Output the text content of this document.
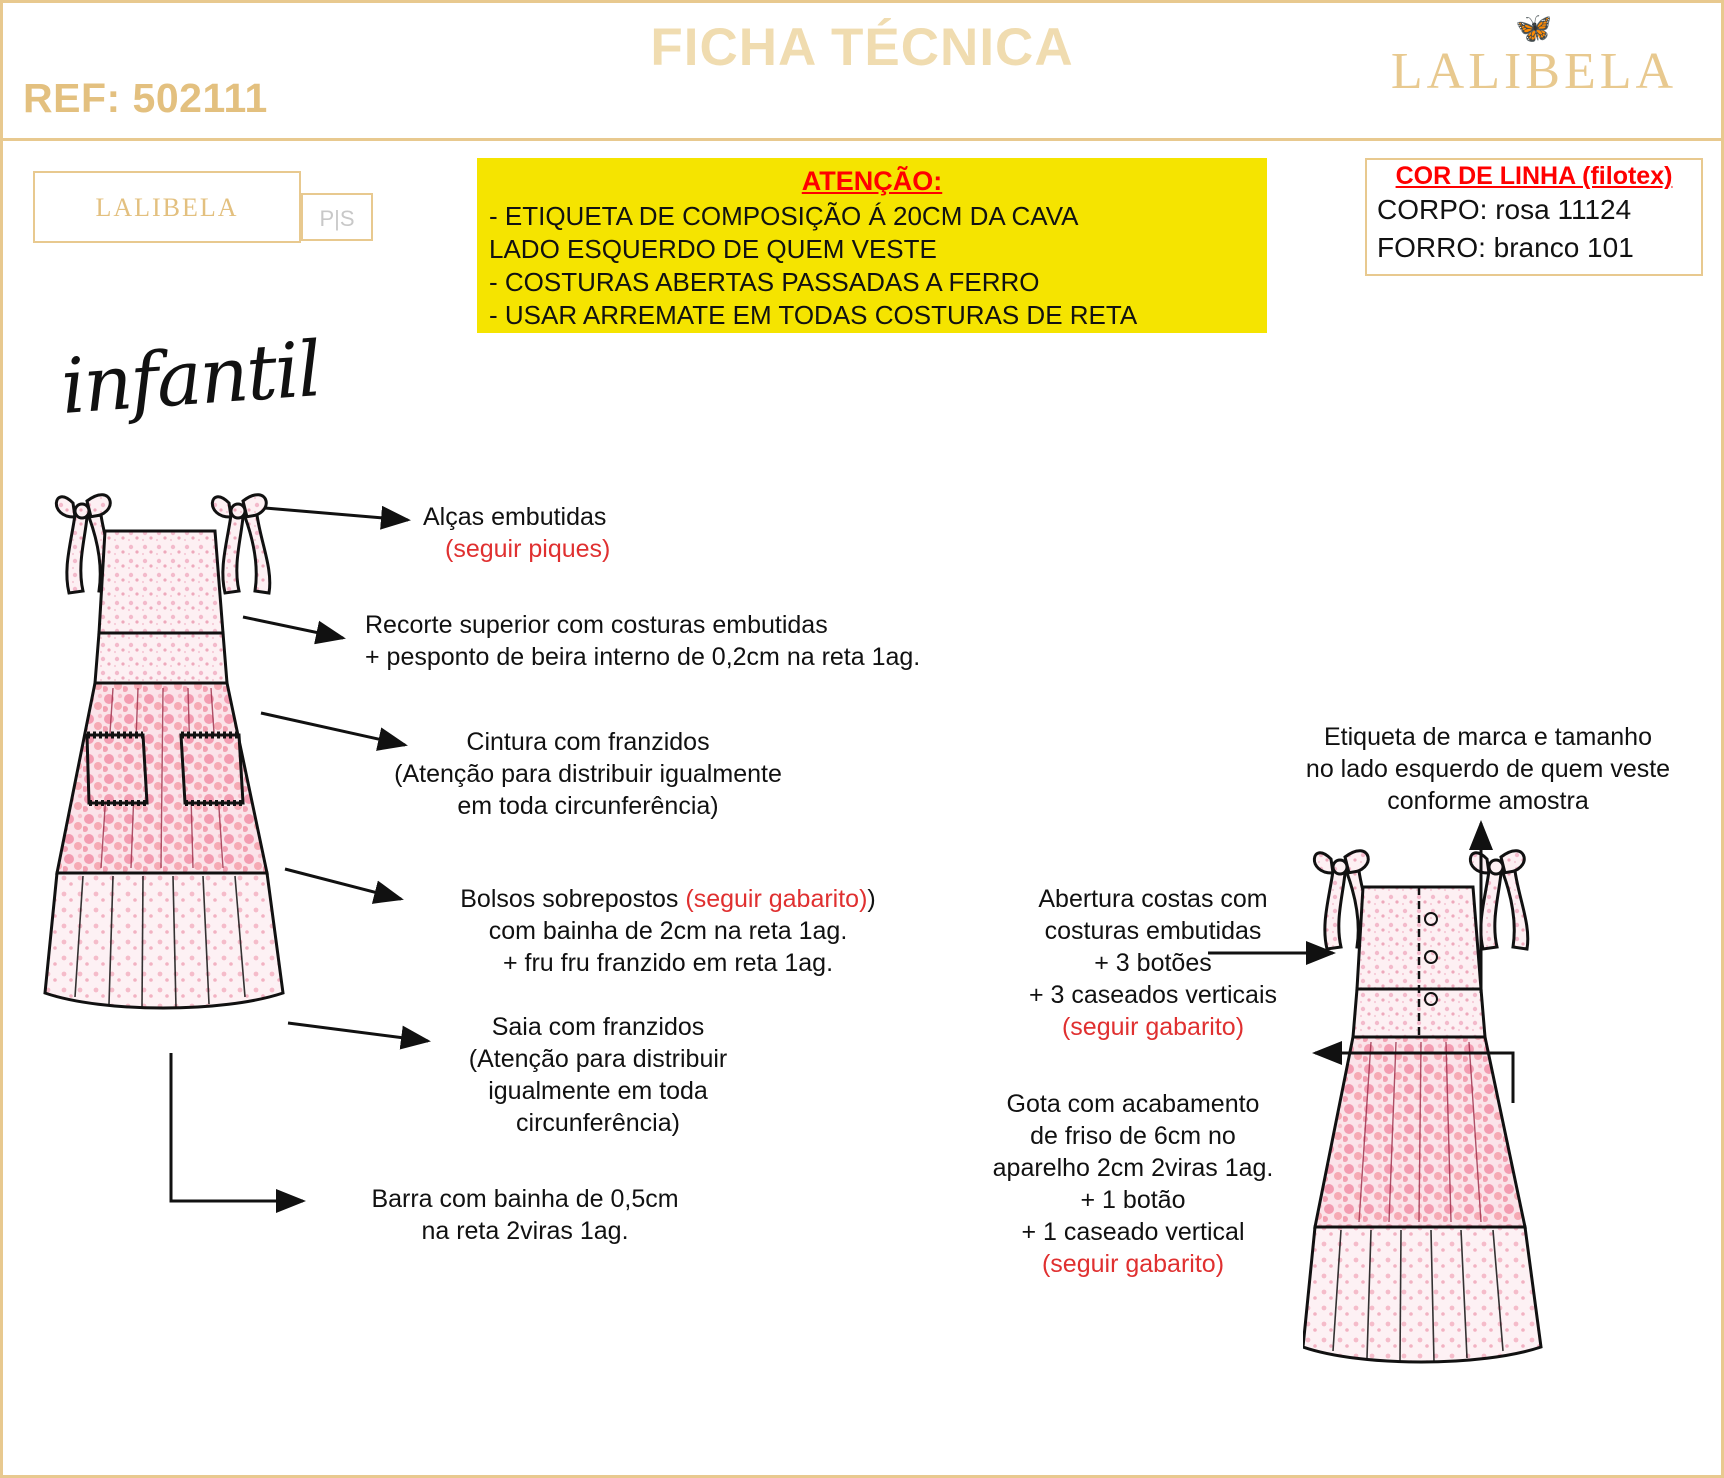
REF: 502111
FICHA TÉCNICA	🦋
LALIBELA
LALIBELA	P|S
ATENÇÃO:
- ETIQUETA DE COMPOSIÇÃO Á 20CM DA CAVA
LADO ESQUERDO DE QUEM VESTE
- COSTURAS ABERTAS PASSADAS A FERRO
- USAR ARREMATE EM TODAS COSTURAS DE RETA
COR DE LINHA (filotex)
CORPO: rosa 11124
FORRO: branco 101
infantil
Alças embutidas
(seguir piques)
Recorte superior com costuras embutidas
+ pesponto de beira interno de 0,2cm na reta 1ag.
Cintura com franzidos
(Atenção para distribuir igualmente
em toda circunferência)
Bolsos sobrepostos (seguir gabarito))
com bainha de 2cm na reta 1ag.
+ fru fru franzido em reta 1ag.
Saia com franzidos
(Atenção para distribuir
igualmente em toda
circunferência)
Barra com bainha de 0,5cm
na reta 2viras 1ag.
Etiqueta de marca e tamanho
no lado esquerdo de quem veste
conforme amostra
Abertura costas com
costuras embutidas
+ 3 botões
+ 3 caseados verticais
(seguir gabarito)
Gota com acabamento
de friso de 6cm no
aparelho 2cm 2viras 1ag.
+ 1 botão
+ 1 caseado vertical
(seguir gabarito)
